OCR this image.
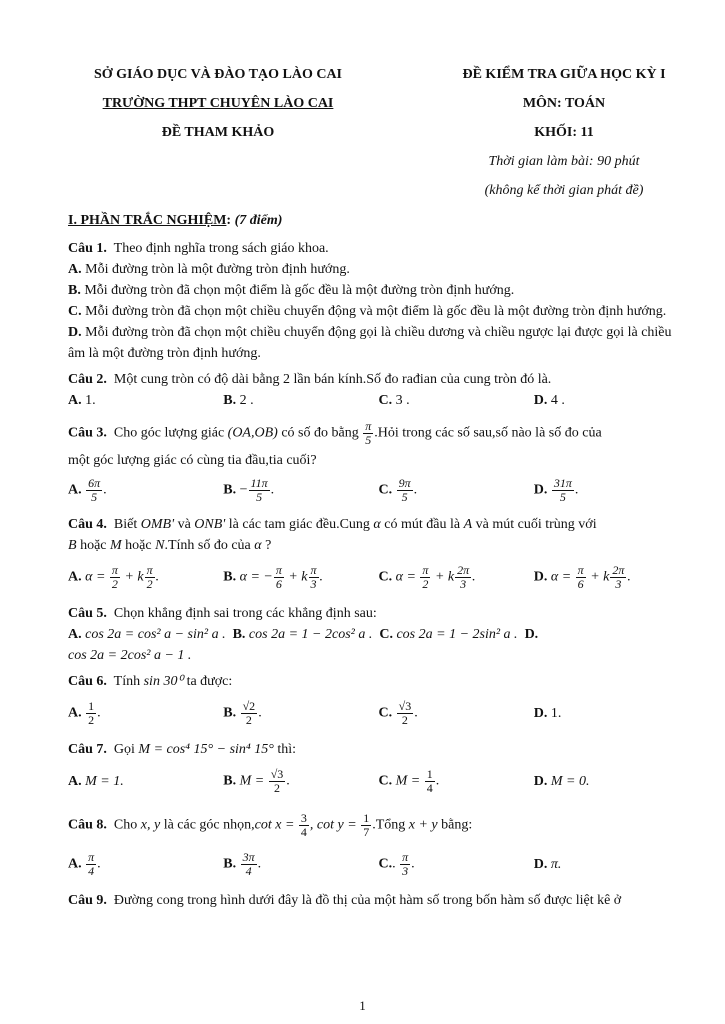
SỞ GIÁO DỤC VÀ ĐÀO TẠO LÀO CAI
TRƯỜNG THPT CHUYÊN LÀO CAI
ĐỀ THAM KHẢO
ĐỀ KIỂM TRA GIỮA HỌC KỲ I
MÔN: TOÁN
KHỐI: 11
Thời gian làm bài: 90 phút
(không kể thời gian phát đề)
I. PHẦN TRẮC NGHIỆM: (7 điểm)
Câu 1. Theo định nghĩa trong sách giáo khoa.
A. Mỗi đường tròn là một đường tròn định hướng.
B. Mỗi đường tròn đã chọn một điểm là gốc đều là một đường tròn định hướng.
C. Mỗi đường tròn đã chọn một chiều chuyển động và một điểm là gốc đều là một đường tròn định hướng.
D. Mỗi đường tròn đã chọn một chiều chuyển động gọi là chiều dương và chiều ngược lại được gọi là chiều âm là một đường tròn định hướng.
Câu 2. Một cung tròn có độ dài bằng 2 lần bán kính.Số đo rađian của cung tròn đó là.
A. 1.	B. 2 .	C. 3 .	D. 4 .
Câu 3. Cho góc lượng giác (OA,OB) có số đo bằng $\frac{\pi}{5}$ .Hỏi trong các số sau,số nào là số đo của
một góc lượng giác có cùng tia đầu,tia cuối?
A. $\frac{6\pi}{5}$ .	B. − $\frac{11\pi}{5}$ .	C. $\frac{9\pi}{5}$ .	D. $\frac{31\pi}{5}$ .
Câu 4. Biết OMB' và ONB' là các tam giác đều.Cung α có mút đầu là A và mút cuối trùng với
B hoặc M hoặc N.Tính số đo của α ?
A. $\alpha = \frac{\pi}{2} + k \frac{\pi}{2}$ .	B. α = − $\frac{\pi}{6} + k \frac{\pi}{3}$ .	C. $\alpha = \frac{\pi}{2} + k \frac{2\pi}{3}$ .	D. $\alpha = \frac{\pi}{6} + k \frac{2\pi}{3}$ .
Câu 5. Chọn khẳng định sai trong các khẳng định sau:
A. cos 2a = cos² a − sin² a . B. cos 2a = 1 − 2cos² a . C. cos 2a = 1 − 2sin² a . D.
cos 2a = 2cos² a − 1 .
Câu 6. Tính sin 30⁰ ta được:
A. $\frac{1}{2}$ .	B. $\frac{√2}{2}$ .	C. $\frac{√3}{2}$ .	D. 1.
Câu 7. Gọi M = cos⁴ 15° − sin⁴ 15° thì:
A. M = 1.	B. $M = \frac{√3}{2}$ .	C. $M = \frac{1}{4}$ .	D. M = 0.
Câu 8. Cho x, y là các góc nhọn,cot $x = \frac{3}{4}$ , $\cot y = \frac{1}{7}$ .Tổng x + y bằng:
A. $\frac{\pi}{4}$ .	B. $\frac{3\pi}{4}$ .	C.. $\frac{\pi}{3}$ .	D. π.
Câu 9. Đường cong trong hình dưới đây là đồ thị của một hàm số trong bốn hàm số được liệt kê ở
1
